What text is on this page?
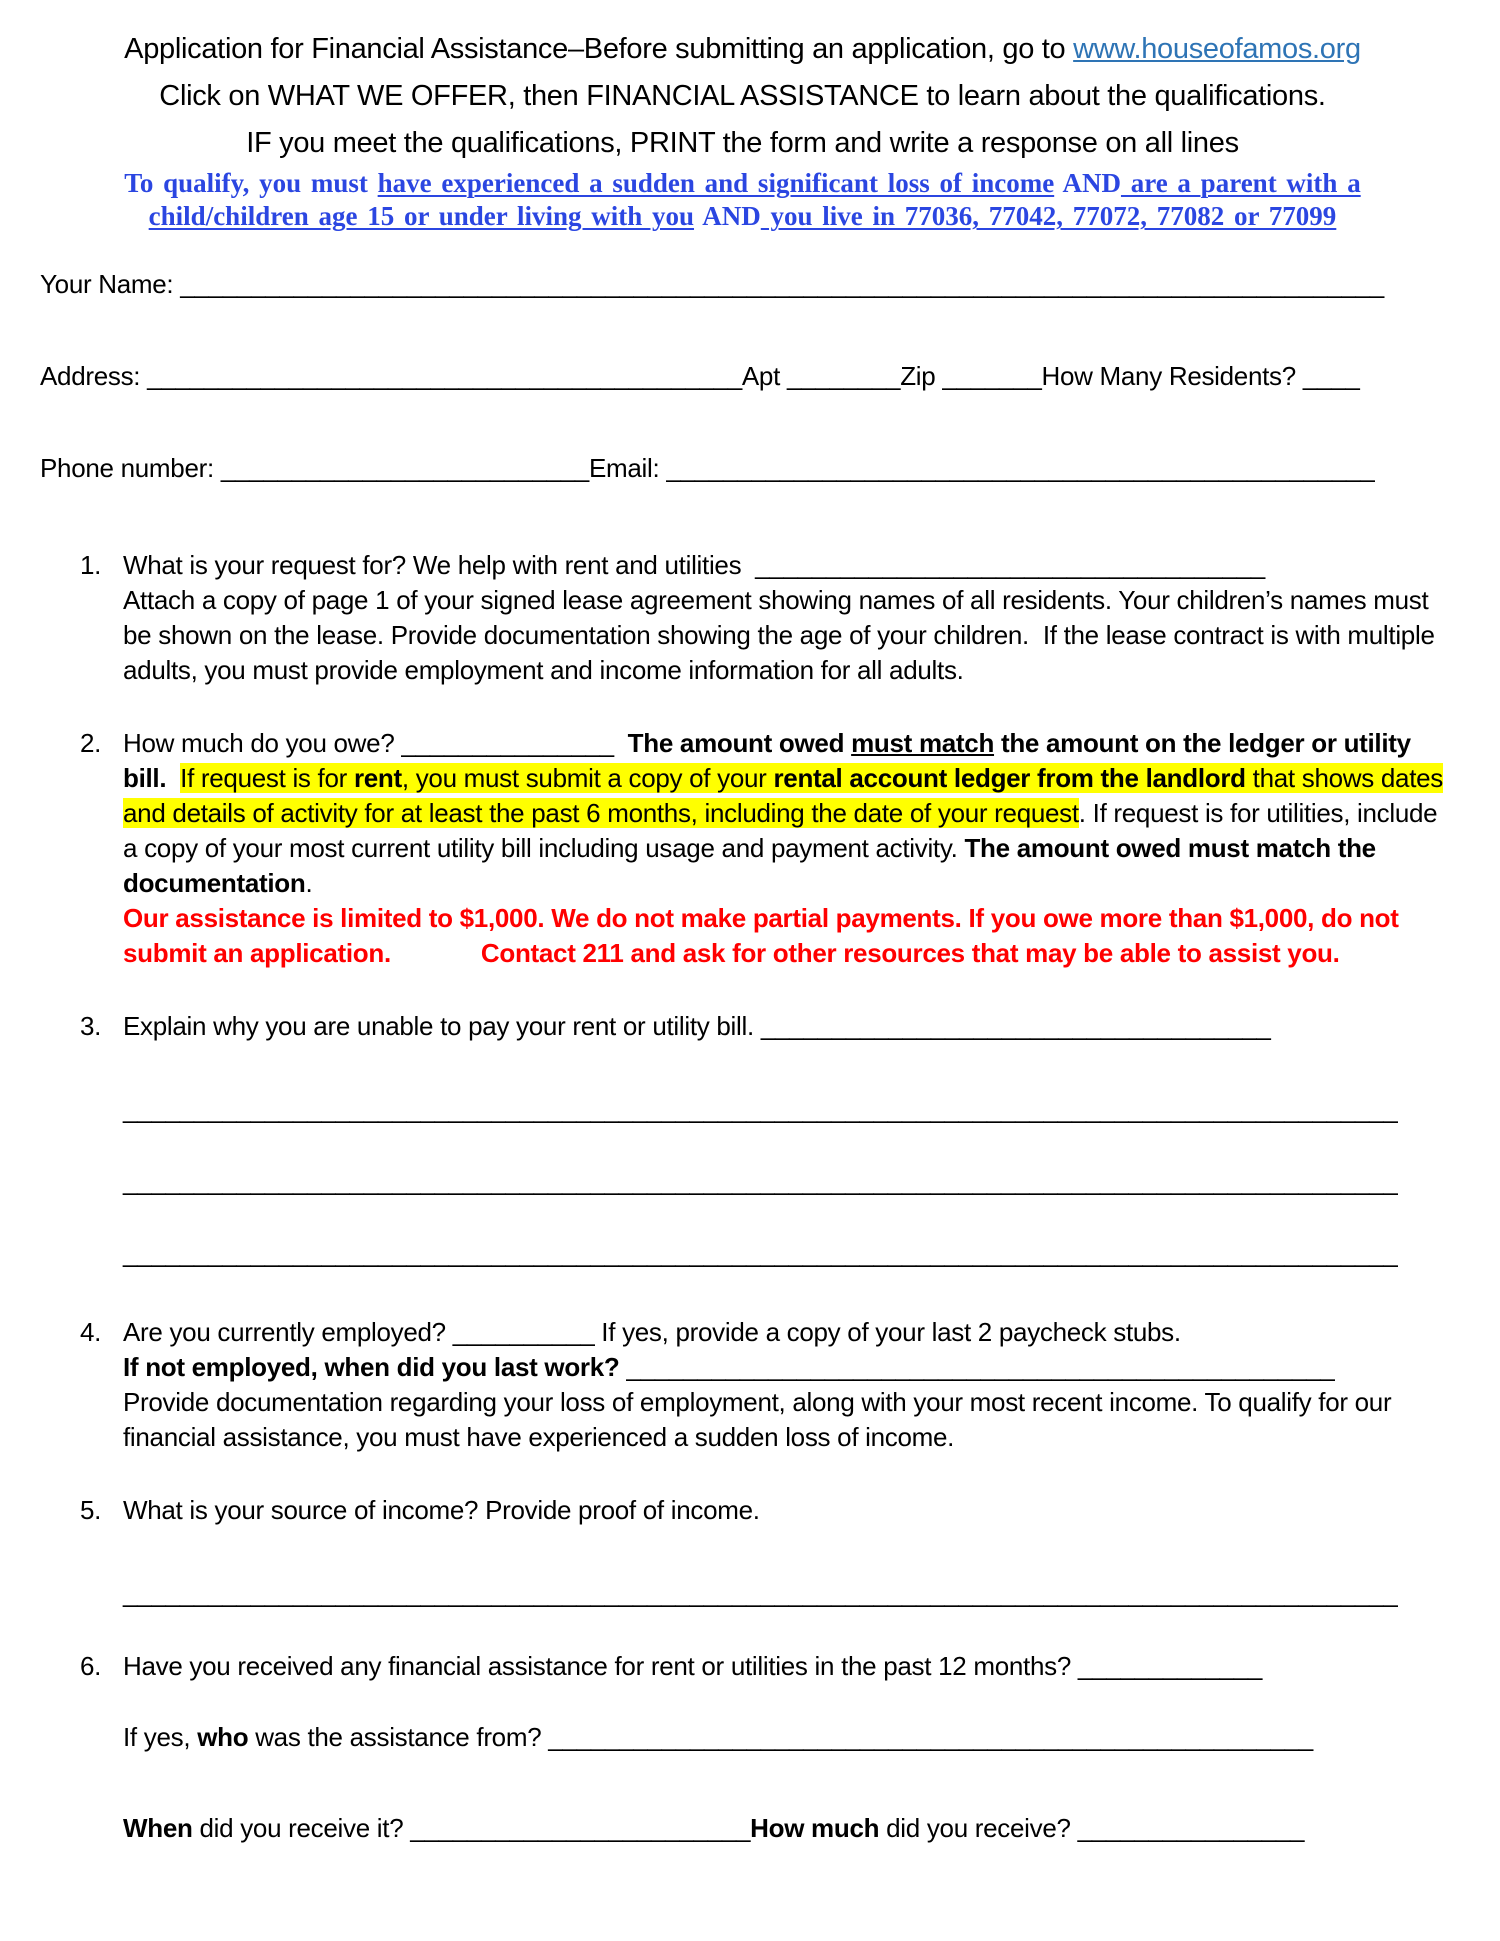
Application for Financial Assistance–Before submitting an application, go to www.houseofamos.org
Click on WHAT WE OFFER, then FINANCIAL ASSISTANCE to learn about the qualifications.
IF you meet the qualifications, PRINT the form and write a response on all lines
To qualify, you must have experienced a sudden and significant loss of income AND are a parent with a
child/children age 15 or under living with you AND you live in 77036, 77042, 77072, 77082 or 77099
Your Name: _____________________________________________________________________________________
Address: __________________________________________Apt ________Zip _______How Many Residents? ____
Phone number: __________________________Email: __________________________________________________
1. What is your request for? We help with rent and utilities  ____________________________________
Attach a copy of page 1 of your signed lease agreement showing names of all residents. Your children’s names must be shown on the lease. Provide documentation showing the age of your children.  If the lease contract is with multiple adults, you must provide employment and income information for all adults.
2. How much do you owe? _______________ The amount owed must match the amount on the ledger or utility bill. If request is for rent, you must submit a copy of your rental account ledger from the landlord that shows dates and details of activity for at least the past 6 months, including the date of your request. If request is for utilities, include a copy of your most current utility bill including usage and payment activity. The amount owed must match the documentation.
Our assistance is limited to $1,000. We do not make partial payments. If you owe more than $1,000, do not submit an application.	Contact 211 and ask for other resources that may be able to assist you.
3. Explain why you are unable to pay your rent or utility bill. ____________________________________
__________________________________________________________________________________________
__________________________________________________________________________________________
__________________________________________________________________________________________
4. Are you currently employed? __________ If yes, provide a copy of your last 2 paycheck stubs.
If not employed, when did you last work? __________________________________________________
Provide documentation regarding your loss of employment, along with your most recent income. To qualify for our financial assistance, you must have experienced a sudden loss of income.
5. What is your source of income? Provide proof of income.
__________________________________________________________________________________________
6. Have you received any financial assistance for rent or utilities in the past 12 months? _____________
If yes, who was the assistance from? ______________________________________________________
When did you receive it? ________________________How much did you receive? ________________
